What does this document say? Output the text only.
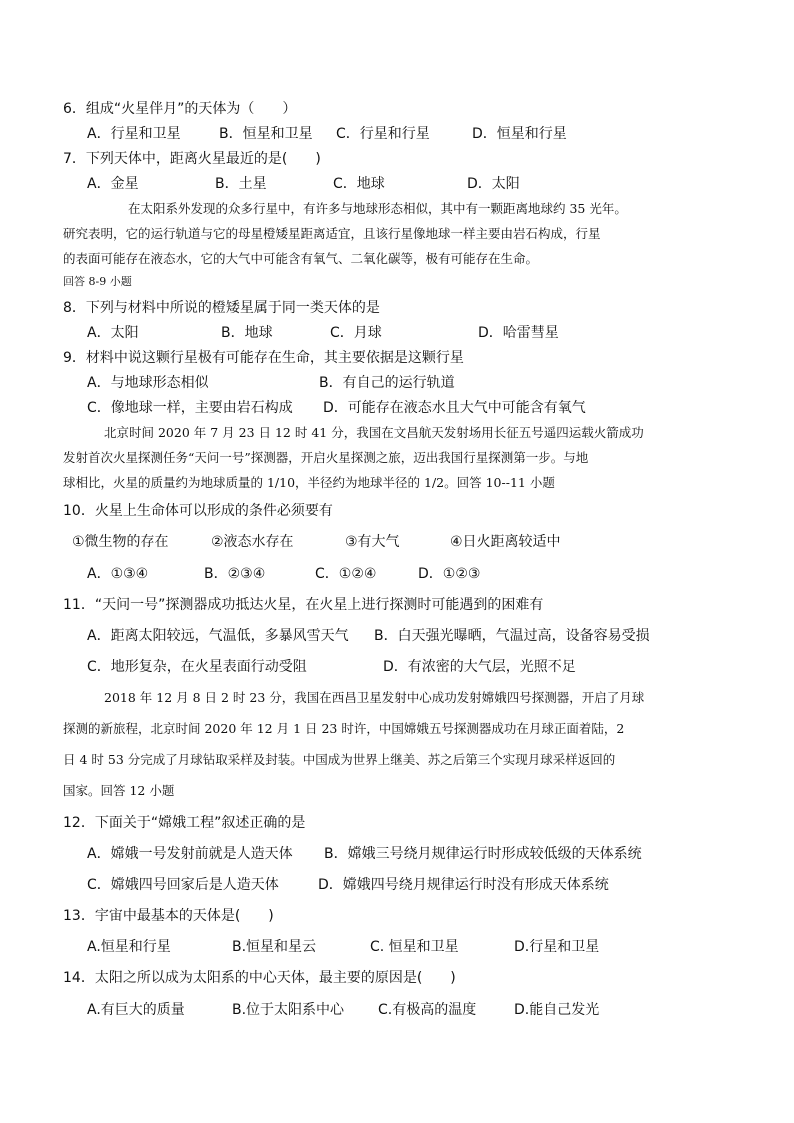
6．组成“火星伴月”的天体为（　　）
A．行星和卫星	B．恒星和卫星 C．行星和行星	D．恒星和行星
7．下列天体中，距离火星最近的是(　　)
A．金星	B．土星	C．地球	D．太阳
在太阳系外发现的众多行星中，有许多与地球形态相似，其中有一颗距离地球约 35 光年。
研究表明，它的运行轨道与它的母星橙矮星距离适宜，且该行星像地球一样主要由岩石构成，行星
的表面可能存在液态水，它的大气中可能含有氧气、二氧化碳等，极有可能存在生命。
回答 8-9 小题
8．下列与材料中所说的橙矮星属于同一类天体的是
A．太阳	B．地球	C．月球	D．哈雷彗星
9．材料中说这颗行星极有可能存在生命，其主要依据是这颗行星
A．与地球形态相似	B．有自己的运行轨道
C．像地球一样，主要由岩石构成 D．可能存在液态水且大气中可能含有氧气
北京时间 2020 年 7 月 23 日 12 时 41 分，我国在文昌航天发射场用长征五号遥四运载火箭成功
发射首次火星探测任务“天问一号”探测器，开启火星探测之旅，迈出我国行星探测第一步。与地
球相比，火星的质量约为地球质量的 1/10，半径约为地球半径的 1/2。回答 10--11 小题
10．火星上生命体可以形成的条件必须要有
①微生物的存在	②液态水存在	③有大气	④日火距离较适中
A．①③④	B．②③④	C．①②④	D．①②③
11．“天问一号”探测器成功抵达火星，在火星上进行探测时可能遇到的困难有
A．距离太阳较远，气温低，多暴风雪天气 B．白天强光曝晒，气温过高，设备容易受损
C．地形复杂，在火星表面行动受阻	D．有浓密的大气层，光照不足
2018 年 12 月 8 日 2 时 23 分，我国在西昌卫星发射中心成功发射嫦娥四号探测器，开启了月球
探测的新旅程，北京时间 2020 年 12 月 1 日 23 时许，中国嫦娥五号探测器成功在月球正面着陆，2
日 4 时 53 分完成了月球钻取采样及封装。中国成为世界上继美、苏之后第三个实现月球采样返回的
国家。回答 12 小题
12．下面关于“嫦娥工程”叙述正确的是
A．嫦娥一号发射前就是人造天体 B．嫦娥三号绕月规律运行时形成较低级的天体系统
C．嫦娥四号回家后是人造天体	D．嫦娥四号绕月规律运行时没有形成天体系统
13．宇宙中最基本的天体是(　　)
A.恒星和行星	B.恒星和星云	C. 恒星和卫星	D.行星和卫星
14．太阳之所以成为太阳系的中心天体，最主要的原因是(　　)
A.有巨大的质量	B.位于太阳系中心 C.有极高的温度	D.能自己发光
